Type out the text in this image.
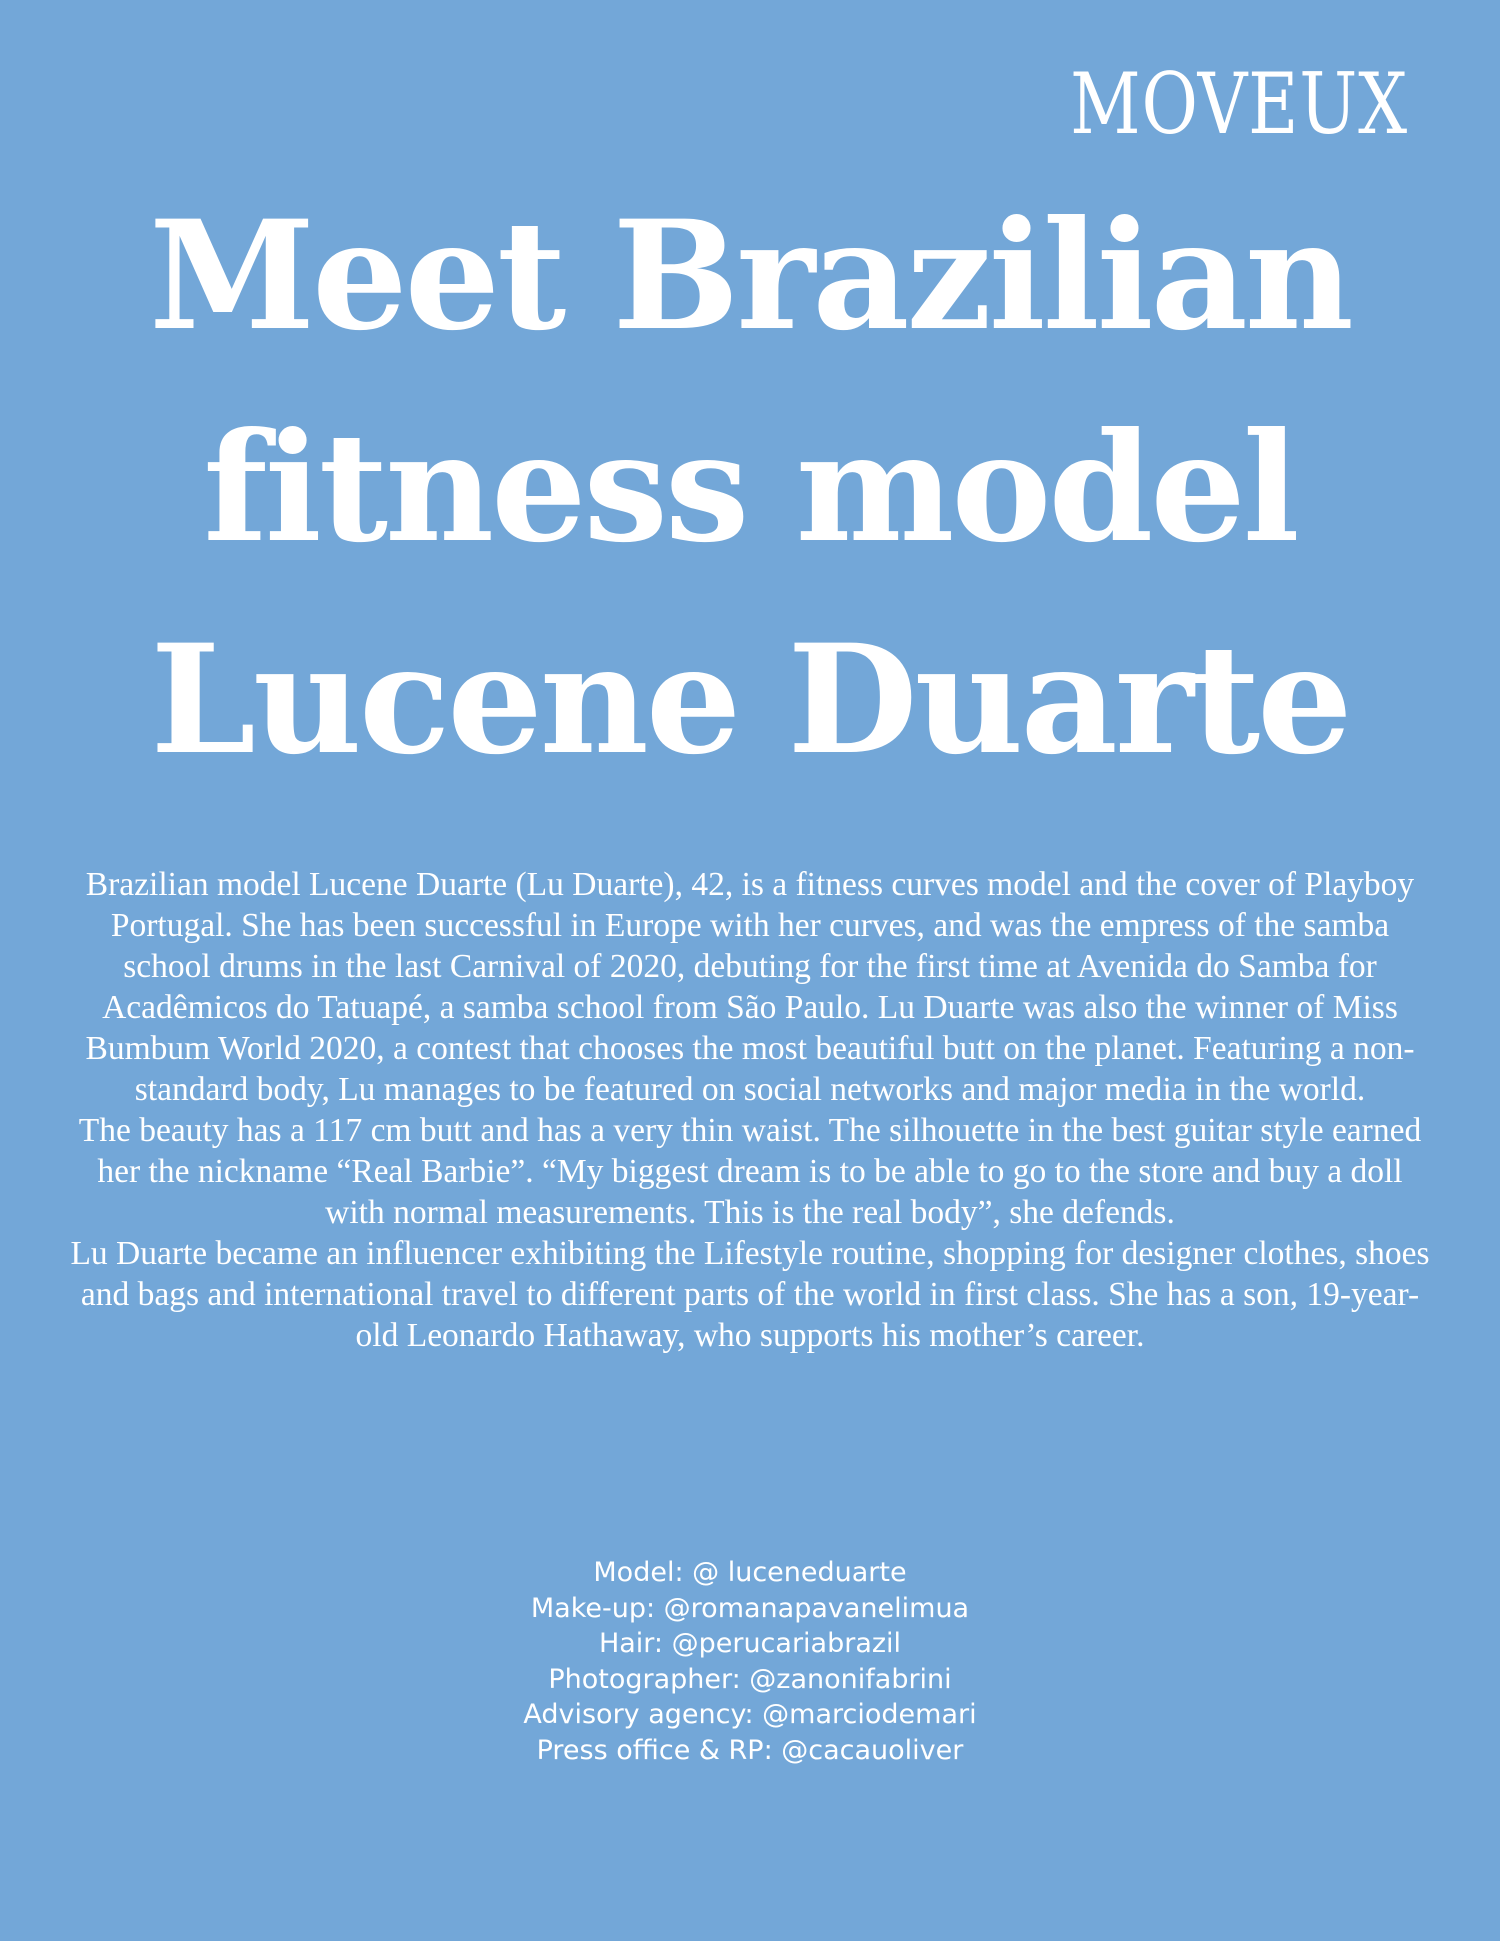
MOVEUX
Meet Brazilian
fitness model
Lucene Duarte

Brazilian model Lucene Duarte (Lu Duarte), 42, is a fitness curves model and the cover of Playboy Portugal. She has been successful in Europe with her curves, and was the empress of the samba school drums in the last Carnival of 2020, debuting for the first time at Avenida do Samba for Acadêmicos do Tatuapé, a samba school from São Paulo. Lu Duarte was also the winner of Miss Bumbum World 2020, a contest that chooses the most beautiful butt on the planet. Featuring a non-standard body, Lu manages to be featured on social networks and major media in the world.

The beauty has a 117 cm butt and has a very thin waist. The silhouette in the best guitar style earned her the nickname “Real Barbie”. “My biggest dream is to be able to go to the store and buy a doll with normal measurements. This is the real body”, she defends.

Lu Duarte became an influencer exhibiting the Lifestyle routine, shopping for designer clothes, shoes and bags and international travel to different parts of the world in first class. She has a son, 19-year-old Leonardo Hathaway, who supports his mother’s career.

Model: @ luceneduarte
Make-up: @romanapavanelimua
Hair: @perucariabrazil
Photographer: @zanonifabrini
Advisory agency: @marciodemari
Press office & RP: @cacauoliver
